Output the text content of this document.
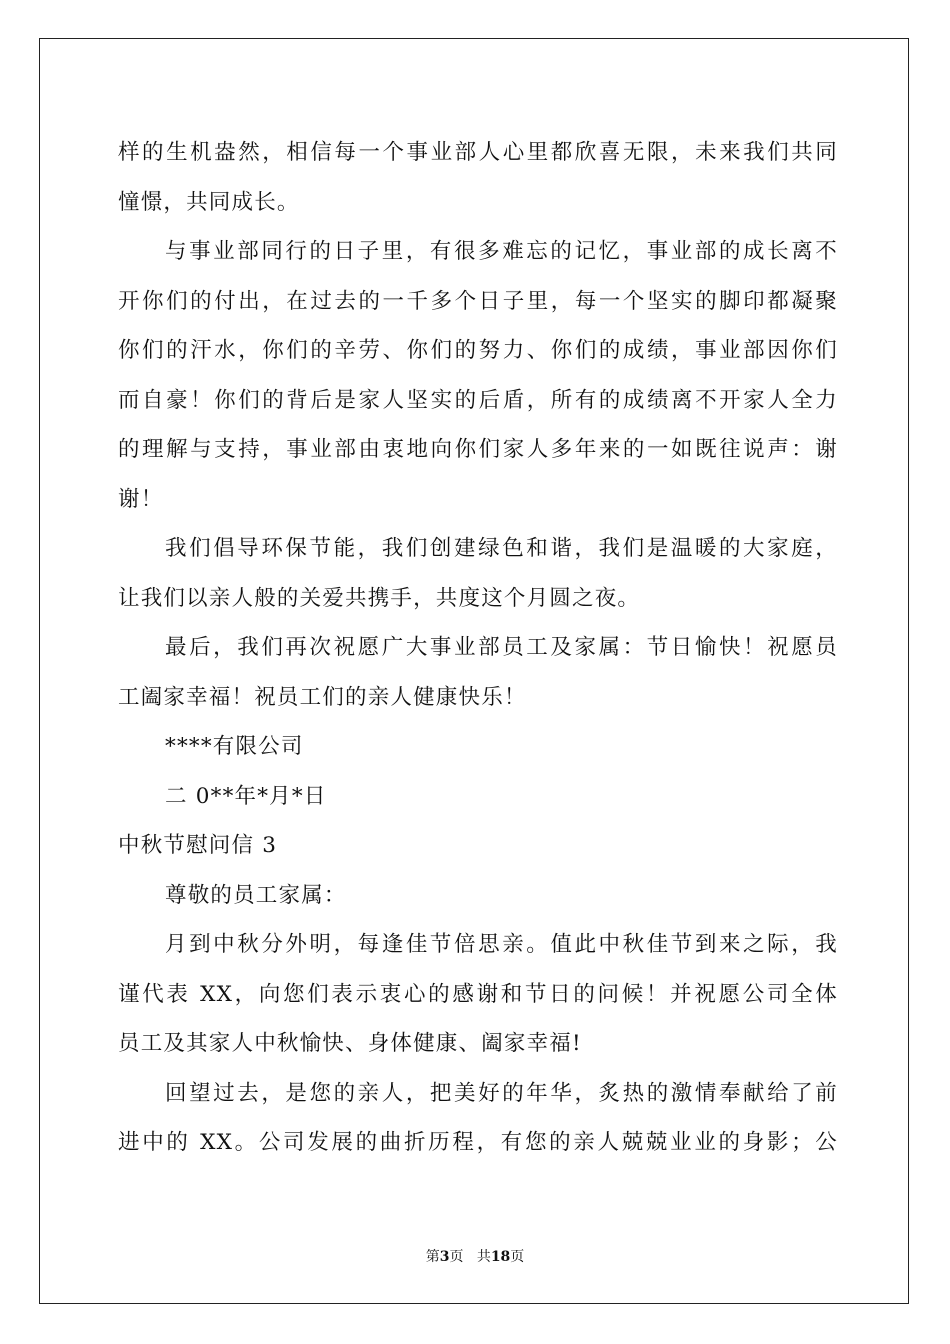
样的生机盎然，相信每一个事业部人心里都欣喜无限，未来我们共同
憧憬，共同成长。
与事业部同行的日子里，有很多难忘的记忆，事业部的成长离不
开你们的付出，在过去的一千多个日子里，每一个坚实的脚印都凝聚
你们的汗水，你们的辛劳、你们的努力、你们的成绩，事业部因你们
而自豪！你们的背后是家人坚实的后盾，所有的成绩离不开家人全力
的理解与支持，事业部由衷地向你们家人多年来的一如既往说声：谢
谢！
我们倡导环保节能，我们创建绿色和谐，我们是温暖的大家庭，
让我们以亲人般的关爱共携手，共度这个月圆之夜。
最后，我们再次祝愿广大事业部员工及家属：节日愉快！祝愿员
工阖家幸福！祝员工们的亲人健康快乐！
****有限公司
二 0**年*月*日
中秋节慰问信 3
尊敬的员工家属：
月到中秋分外明，每逢佳节倍思亲。值此中秋佳节到来之际，我
谨代表 XX，向您们表示衷心的感谢和节日的问候！并祝愿公司全体
员工及其家人中秋愉快、身体健康、阖家幸福!
回望过去，是您的亲人，把美好的年华，炙热的激情奉献给了前
进中的 XX。公司发展的曲折历程，有您的亲人兢兢业业的身影；公
第3页 共18页
